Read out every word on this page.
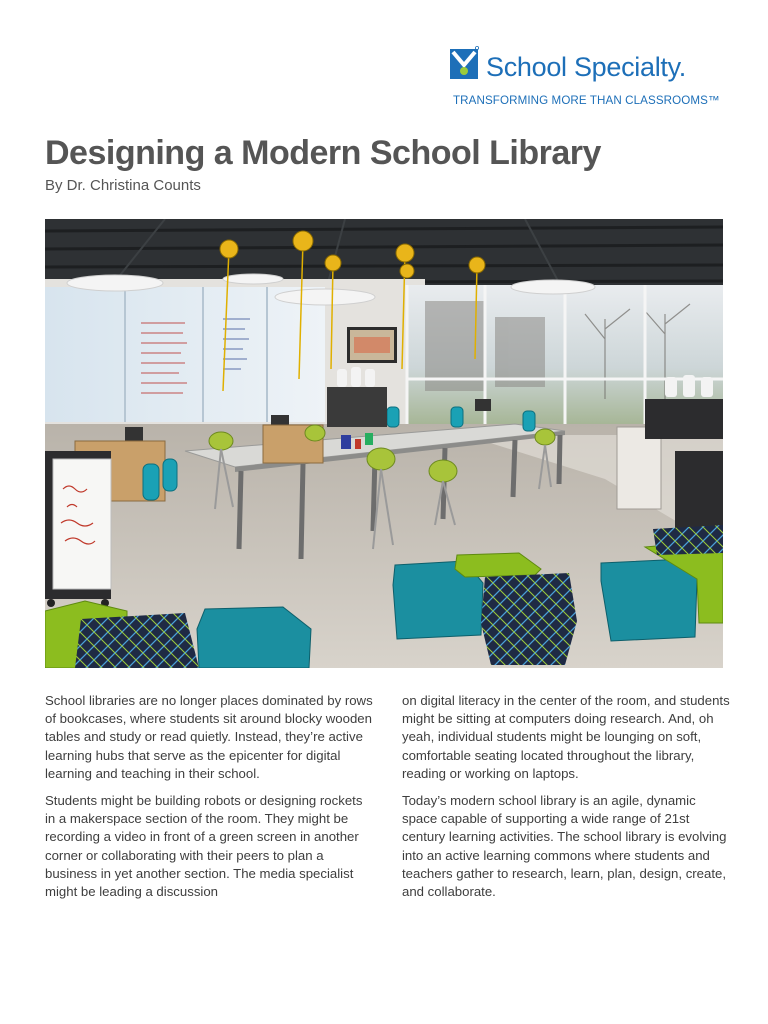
School Specialty.
TRANSFORMING MORE THAN CLASSROOMS™
Designing a Modern School Library
By Dr. Christina Counts

School libraries are no longer places dominated by rows of bookcases, where students sit around blocky wooden tables and study or read quietly. Instead, they’re active learning hubs that serve as the epicenter for digital learning and teaching in their school.

Students might be building robots or designing rockets in a makerspace section of the room. They might be recording a video in front of a green screen in another corner or collaborating with their peers to plan a business in yet another section. The media specialist might be leading a discussion

on digital literacy in the center of the room, and students might be sitting at computers doing research. And, oh yeah, individual students might be lounging on soft, comfortable seating located throughout the library, reading or working on laptops.

Today’s modern school library is an agile, dynamic space capable of supporting a wide range of 21st century learning activities. The school library is evolving into an active learning commons where students and teachers gather to research, learn, plan, design, create, and collaborate.
